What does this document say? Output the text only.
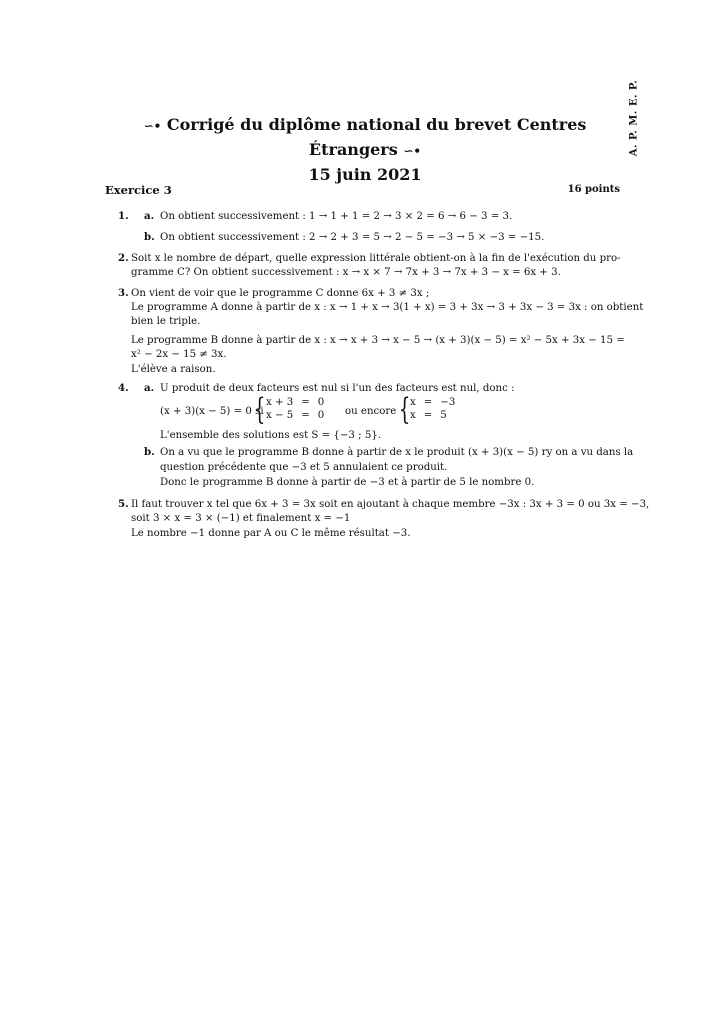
A. P. M. E. P.
∽• Corrigé du diplôme national du brevet Centres Étrangers ∽•
15 juin 2021
Exercice 3	16 points
1. a. On obtient successivement : 1 → 1 + 1 = 2 → 3 × 2 = 6 → 6 − 3 = 3.
b. On obtient successivement : 2 → 2 + 3 = 5 → 2 − 5 = −3 → 5 × −3 = −15.
2. Soit x le nombre de départ, quelle expression littérale obtient-on à la fin de l'exécution du pro-
gramme C? On obtient successivement : x → x × 7 → 7x + 3 → 7x + 3 − x = 6x + 3.
3. On vient de voir que le programme C donne 6x + 3 ≠ 3x ;
Le programme A donne à partir de x : x → 1 + x → 3(1 + x) = 3 + 3x → 3 + 3x − 3 = 3x : on obtient
bien le triple.
Le programme B donne à partir de x : x → x + 3 → x − 5 → (x + 3)(x − 5) = x² − 5x + 3x − 15 =
x² − 2x − 15 ≠ 3x.
L'élève a raison.
4. a. U produit de deux facteurs est nul si l'un des facteurs est nul, donc :
(x + 3)(x − 5) = 0 si
{ x + 3	=	0
x − 5	=	0 ou encore { x	=	−3
x	=	5
L'ensemble des solutions est S = {−3 ; 5}.
b. On a vu que le programme B donne à partir de x le produit (x + 3)(x − 5) ry on a vu dans la
question précédente que −3 et 5 annulaient ce produit.
Donc le programme B donne à partir de −3 et à partir de 5 le nombre 0.
5. Il faut trouver x tel que 6x + 3 = 3x soit en ajoutant à chaque membre −3x : 3x + 3 = 0 ou 3x = −3,
soit 3 × x = 3 × (−1) et finalement x = −1
Le nombre −1 donne par A ou C le même résultat −3.
